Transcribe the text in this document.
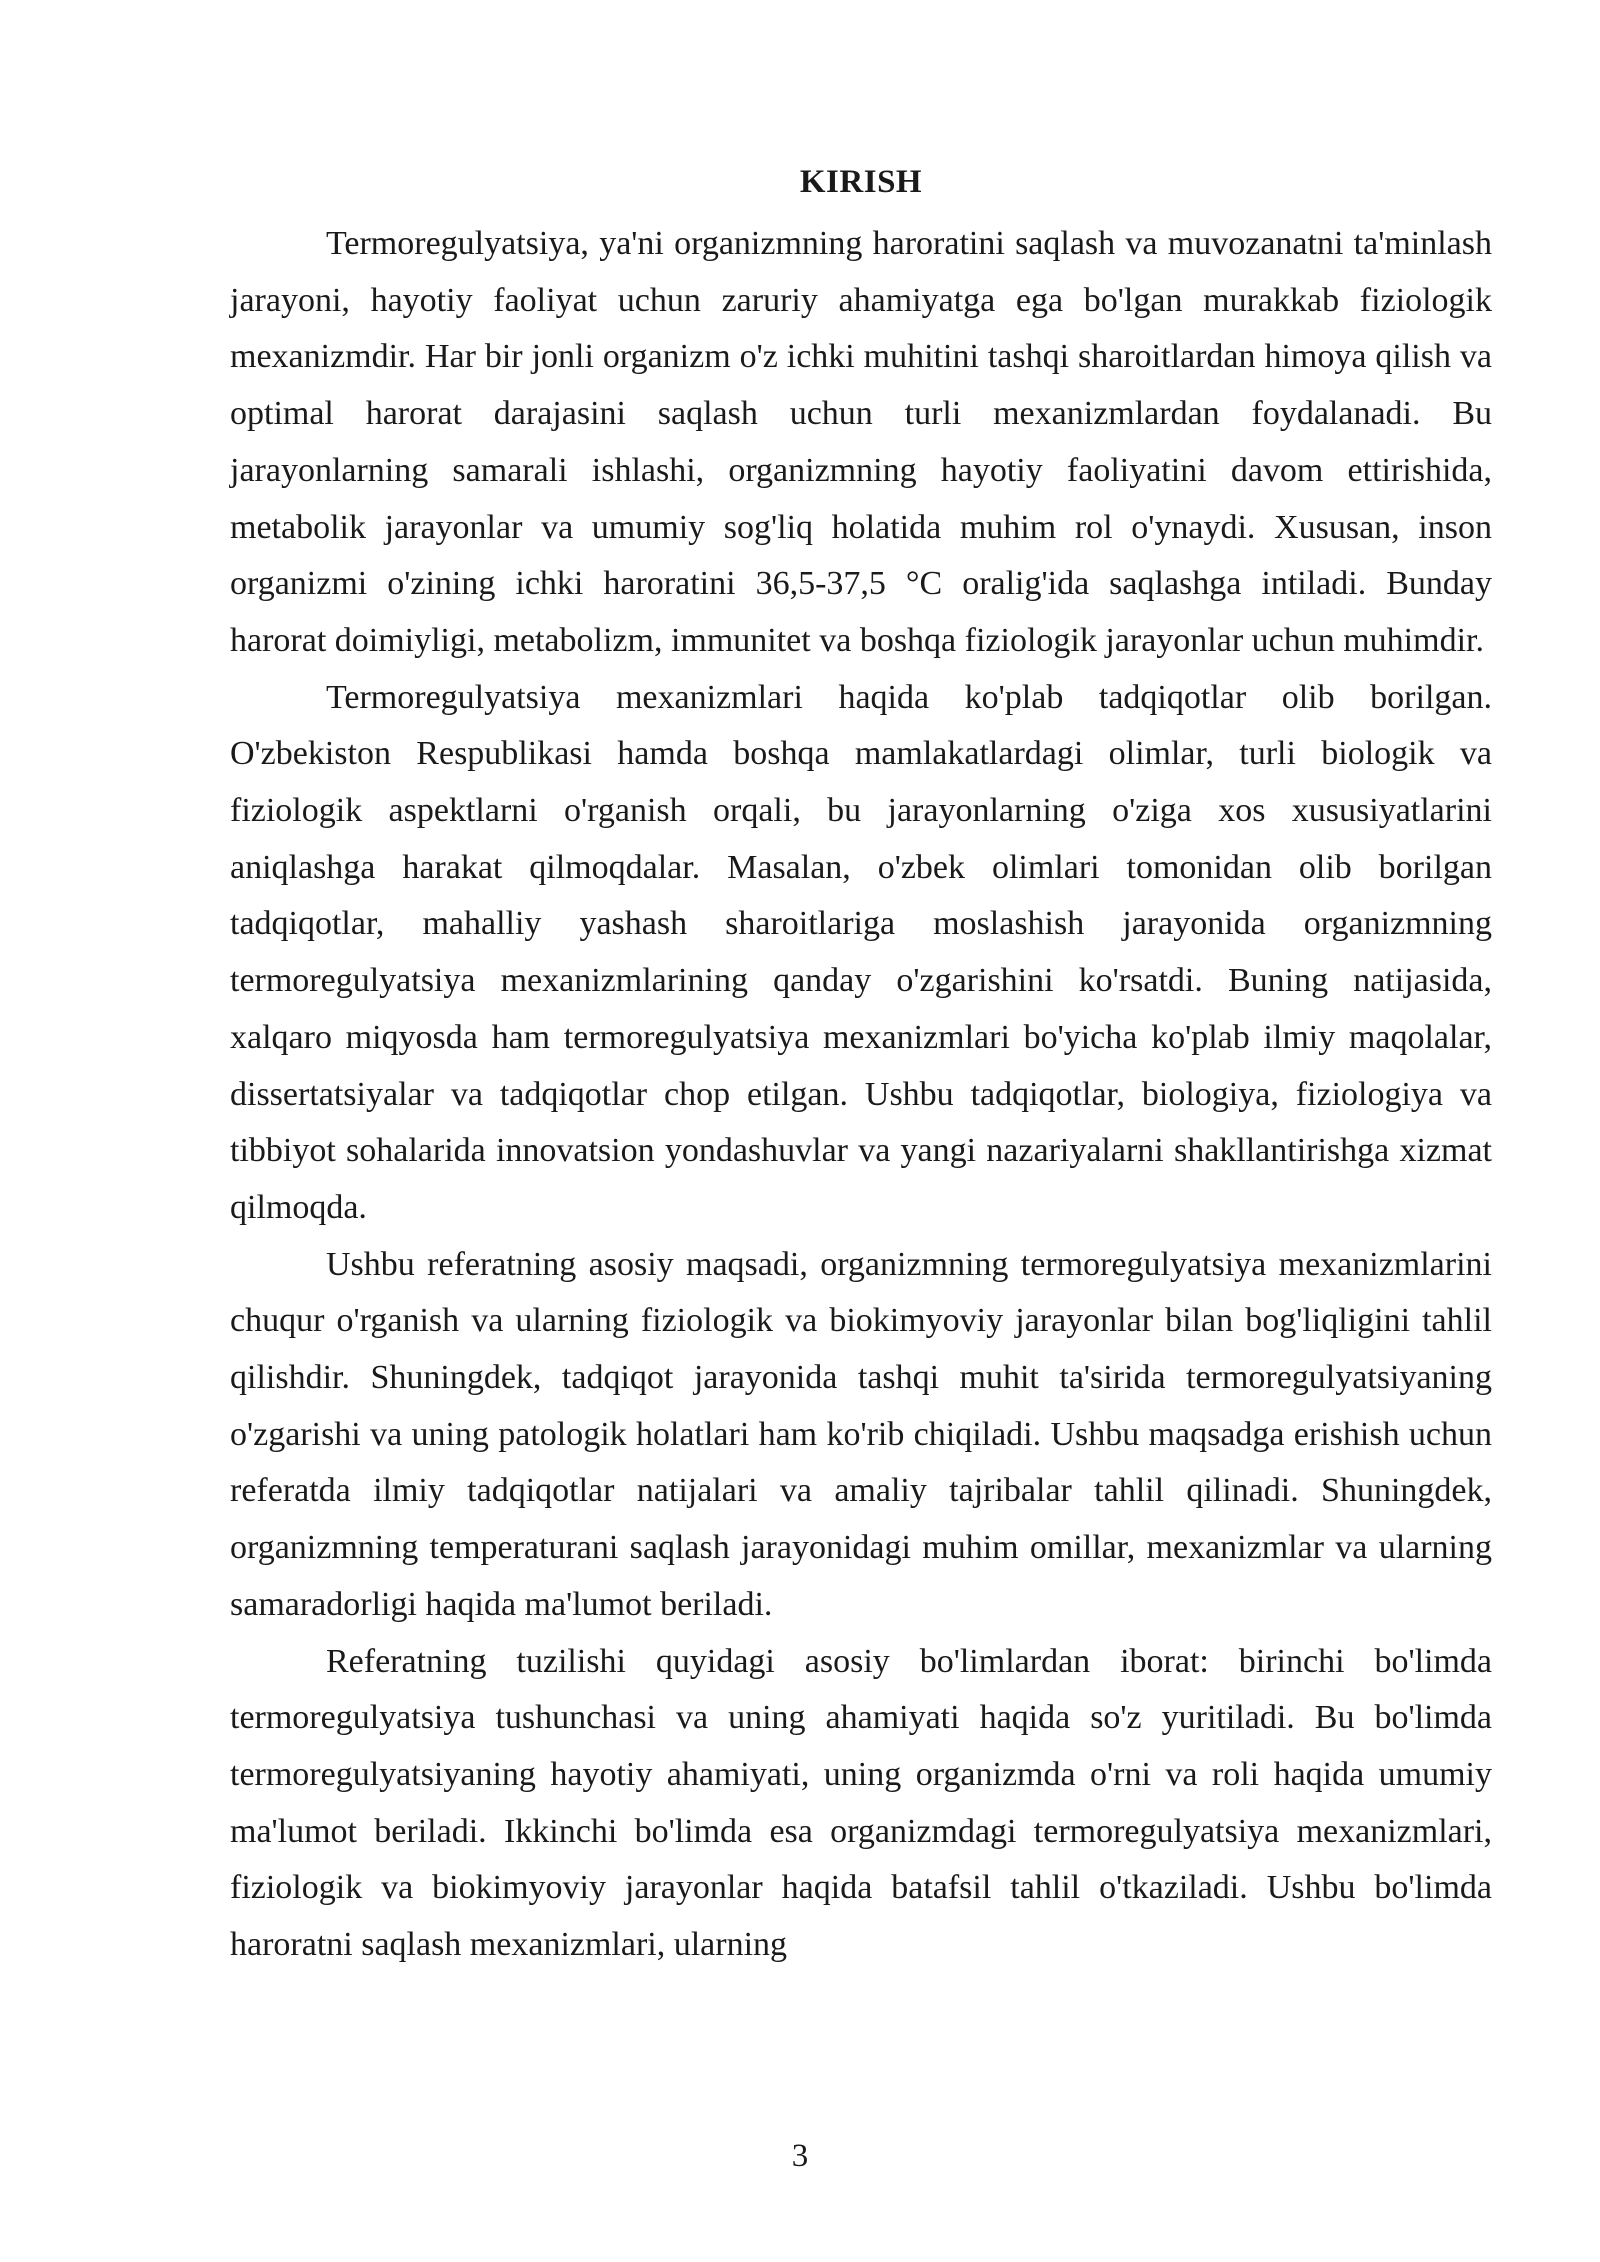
KIRISH

Termoregulyatsiya, ya'ni organizmning haroratini saqlash va muvozanatni ta'minlash jarayoni, hayotiy faoliyat uchun zaruriy ahamiyatga ega bo'lgan murakkab fiziologik mexanizmdir. Har bir jonli organizm o'z ichki muhitini tashqi sharoitlardan himoya qilish va optimal harorat darajasini saqlash uchun turli mexanizmlardan foydalanadi. Bu jarayonlarning samarali ishlashi, organizmning hayotiy faoliyatini davom ettirishida, metabolik jarayonlar va umumiy sog'liq holatida muhim rol o'ynaydi. Xususan, inson organizmi o'zining ichki haroratini 36,5-37,5 °C oralig'ida saqlashga intiladi. Bunday harorat doimiyligi, metabolizm, immunitet va boshqa fiziologik jarayonlar uchun muhimdir.

Termoregulyatsiya mexanizmlari haqida ko'plab tadqiqotlar olib borilgan. O'zbekiston Respublikasi hamda boshqa mamlakatlardagi olimlar, turli biologik va fiziologik aspektlarni o'rganish orqali, bu jarayonlarning o'ziga xos xususiyatlarini aniqlashga harakat qilmoqdalar. Masalan, o'zbek olimlari tomonidan olib borilgan tadqiqotlar, mahalliy yashash sharoitlariga moslashish jarayonida organizmning termoregulyatsiya mexanizmlarining qanday o'zgarishini ko'rsatdi. Buning natijasida, xalqaro miqyosda ham termoregulyatsiya mexanizmlari bo'yicha ko'plab ilmiy maqolalar, dissertatsiyalar va tadqiqotlar chop etilgan. Ushbu tadqiqotlar, biologiya, fiziologiya va tibbiyot sohalarida innovatsion yondashuvlar va yangi nazariyalarni shakllantirishga xizmat qilmoqda.

Ushbu referatning asosiy maqsadi, organizmning termoregulyatsiya mexanizmlarini chuqur o'rganish va ularning fiziologik va biokimyoviy jarayonlar bilan bog'liqligini tahlil qilishdir. Shuningdek, tadqiqot jarayonida tashqi muhit ta'sirida termoregulyatsiyaning o'zgarishi va uning patologik holatlari ham ko'rib chiqiladi. Ushbu maqsadga erishish uchun referatda ilmiy tadqiqotlar natijalari va amaliy tajribalar tahlil qilinadi. Shuningdek, organizmning temperaturani saqlash jarayonidagi muhim omillar, mexanizmlar va ularning samaradorligi haqida ma'lumot beriladi.

Referatning tuzilishi quyidagi asosiy bo'limlardan iborat: birinchi bo'limda termoregulyatsiya tushunchasi va uning ahamiyati haqida so'z yuritiladi. Bu bo'limda termoregulyatsiyaning hayotiy ahamiyati, uning organizmda o'rni va roli haqida umumiy ma'lumot beriladi. Ikkinchi bo'limda esa organizmdagi termoregulyatsiya mexanizmlari, fiziologik va biokimyoviy jarayonlar haqida batafsil tahlil o'tkaziladi. Ushbu bo'limda haroratni saqlash mexanizmlari, ularning

3
